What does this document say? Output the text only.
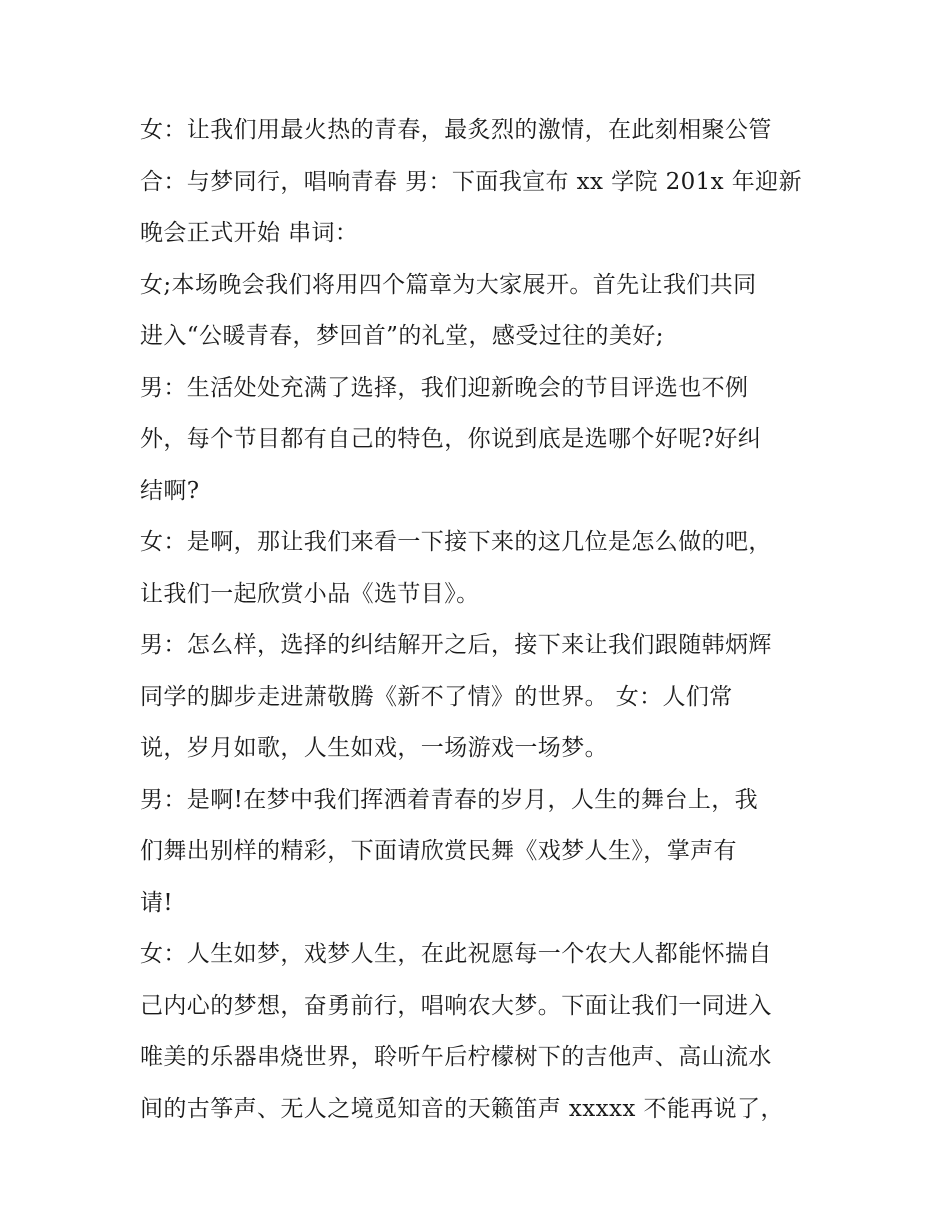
女：让我们用最火热的青春，最炙烈的激情，在此刻相聚公管
合：与梦同行，唱响青春 男：下面我宣布 xx 学院 201x 年迎新
晚会正式开始 串词：
女;本场晚会我们将用四个篇章为大家展开。首先让我们共同
进入“公暖青春，梦回首”的礼堂，感受过往的美好;
男：生活处处充满了选择，我们迎新晚会的节目评选也不例
外，每个节目都有自己的特色，你说到底是选哪个好呢?好纠
结啊?
女：是啊，那让我们来看一下接下来的这几位是怎么做的吧，
让我们一起欣赏小品《选节目》。
男：怎么样，选择的纠结解开之后，接下来让我们跟随韩炳辉
同学的脚步走进萧敬腾《新不了情》的世界。 女：人们常
说，岁月如歌，人生如戏，一场游戏一场梦。
男：是啊!在梦中我们挥洒着青春的岁月，人生的舞台上，我
们舞出别样的精彩，下面请欣赏民舞《戏梦人生》，掌声有
请!
女：人生如梦，戏梦人生，在此祝愿每一个农大人都能怀揣自
己内心的梦想，奋勇前行，唱响农大梦。下面让我们一同进入
唯美的乐器串烧世界，聆听午后柠檬树下的吉他声、高山流水
间的古筝声、无人之境觅知音的天籁笛声 xxxxx 不能再说了，
